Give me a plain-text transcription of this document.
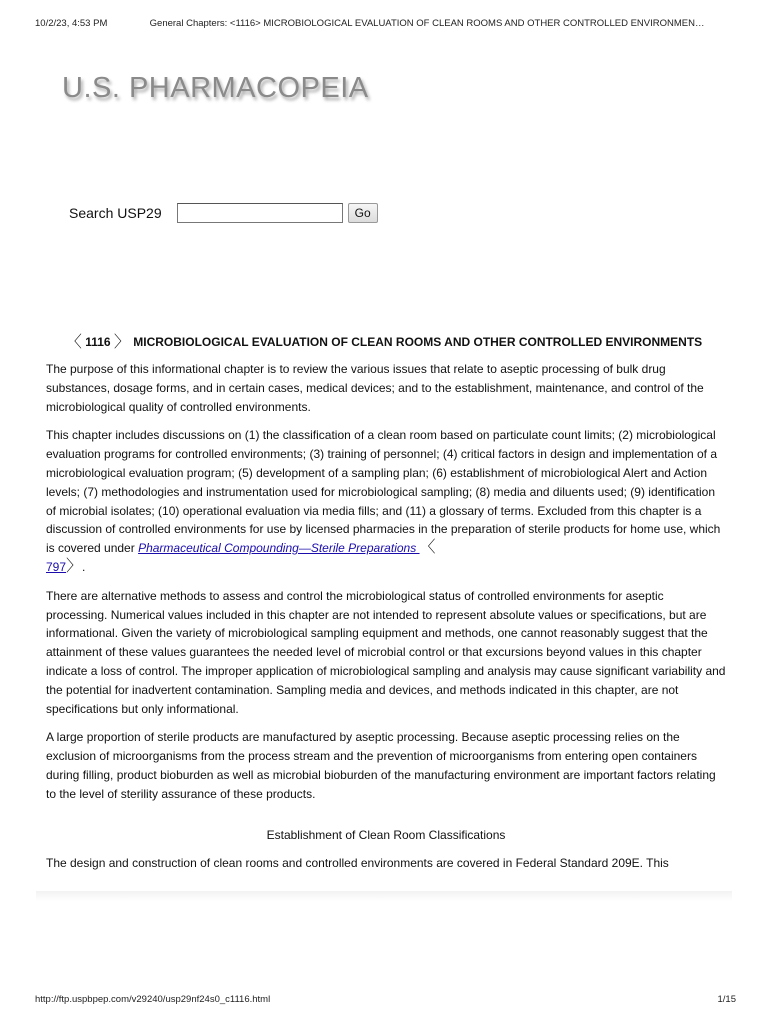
10/2/23, 4:53 PM	General Chapters: <1116> MICROBIOLOGICAL EVALUATION OF CLEAN ROOMS AND OTHER CONTROLLED ENVIRONMEN…
U.S. PHARMACOPEIA
Search USP29	Go
〈 1116 〉 MICROBIOLOGICAL EVALUATION OF CLEAN ROOMS AND OTHER CONTROLLED ENVIRONMENTS

The purpose of this informational chapter is to review the various issues that relate to aseptic processing of bulk drug substances, dosage forms, and in certain cases, medical devices; and to the establishment, maintenance, and control of the microbiological quality of controlled environments.

This chapter includes discussions on (1) the classification of a clean room based on particulate count limits; (2) microbiological evaluation programs for controlled environments; (3) training of personnel; (4) critical factors in design and implementation of a microbiological evaluation program; (5) development of a sampling plan; (6) establishment of microbiological Alert and Action levels; (7) methodologies and instrumentation used for microbiological sampling; (8) media and diluents used; (9) identification of microbial isolates; (10) operational evaluation via media fills; and (11) a glossary of terms. Excluded from this chapter is a discussion of controlled environments for use by licensed pharmacies in the preparation of sterile products for home use, which is covered under Pharmaceutical Compounding—Sterile Preparations 〈
797〉.

There are alternative methods to assess and control the microbiological status of controlled environments for aseptic processing. Numerical values included in this chapter are not intended to represent absolute values or specifications, but are informational. Given the variety of microbiological sampling equipment and methods, one cannot reasonably suggest that the attainment of these values guarantees the needed level of microbial control or that excursions beyond values in this chapter indicate a loss of control. The improper application of microbiological sampling and analysis may cause significant variability and the potential for inadvertent contamination. Sampling media and devices, and methods indicated in this chapter, are not specifications but only informational.

A large proportion of sterile products are manufactured by aseptic processing. Because aseptic processing relies on the exclusion of microorganisms from the process stream and the prevention of microorganisms from entering open containers during filling, product bioburden as well as microbial bioburden of the manufacturing environment are important factors relating to the level of sterility assurance of these products.

Establishment of Clean Room Classifications

The design and construction of clean rooms and controlled environments are covered in Federal Standard 209E. This

http://ftp.uspbpep.com/v29240/usp29nf24s0_c1116.html	1/15
